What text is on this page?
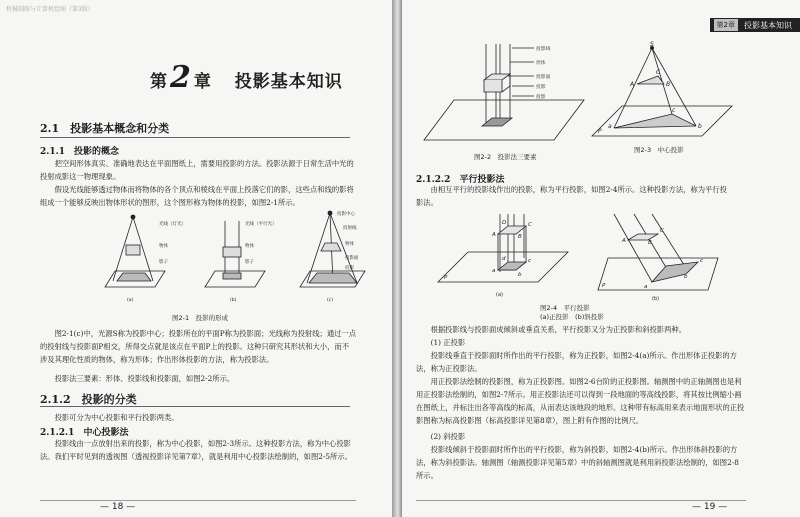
机械制图与计算机绘图（第3版）
第2 章 投影基本知识
2.1　投影基本概念和分类
2.1.1　投影的概念
把空间形体真实、准确地表达在平面图纸上，需要用投影的方法。投影法源于日常生活中光的投射成影这一物理现象。
假设光线能够透过物体而将物体的各个顶点和棱线在平面上投落它们的影，这些点和线的影将组成一个能够反映出物体形状的图形，这个图形称为物体的投影，如图2-1所示。
光线（灯光）
物体
影子
光线（平行光）
物体
影子
投影中心
投射线
物体
投影面
投影
(a)	(b)	(c)
图2-1　投影的形成
图2-1(c)中，光源S称为投影中心；投影所在的平面P称为投影面；光线称为投射线；通过一点的投射线与投影面P相交，所得交点就是该点在平面P上的投影。这种只研究其形状和大小，而不涉及其理化性质的物体，称为形体；作出形体投影的方法，称为投影法。
投影法三要素：形体、投影线和投影面，如图2-2所示。
2.1.2　投影的分类
投影可分为中心投影和平行投影两类。
2.1.2.1　中心投影法
投影线由一点放射出来的投影，称为中心投影，如图2-3所示。这种投影方法，称为中心投影法。我们平时见到的透视图（透视投影详见第7章），就是利用中心投影法绘制的，如图2-5所示。
— 18 —
第2章	投影基本知识
投影线
形体
投影面
投影
投影
图2-2　投影法三要素
S
A	B
C
a	b
c
P
图2-3　中心投影
2.1.2.2　平行投影法
由相互平行的投影线作出的投影，称为平行投影，如图2-4所示。这种投影方法，称为平行投影法。
A	B
D	C
a
b
d	c
P
A	B
C
a
b
c
P
(a)
(b)
图2-4　平行投影
(a)正投影　(b)斜投影
根据投影线与投影面成倾斜或垂直关系，平行投影又分为正投影和斜投影两种。
(1) 正投影
投影线垂直于投影面时所作出的平行投影，称为正投影，如图2-4(a)所示。作出形体正投影的方法，称为正投影法。
用正投影法绘制的投影图，称为正投影图。如图2-6台阶的正投影图。轴测图中的正轴测图也是利用正投影法绘制的，如图2-7所示。用正投影法还可以得到一段地面的等高线投影，将其按比例缩小画在图纸上，并标注出各等高线的标高，从而表达该地段的地形。这种带有标高用来表示地面形状的正投影图称为标高投影图（标高投影详见第8章），图上附有作图的比例尺。
(2) 斜投影
投影线倾斜于投影面时所作出的平行投影，称为斜投影，如图2-4(b)所示。作出形体斜投影的方法，称为斜投影法。轴测图（轴测投影详见第5章）中的斜轴测图就是利用斜投影法绘制的，如图2-8所示。
— 19 —
